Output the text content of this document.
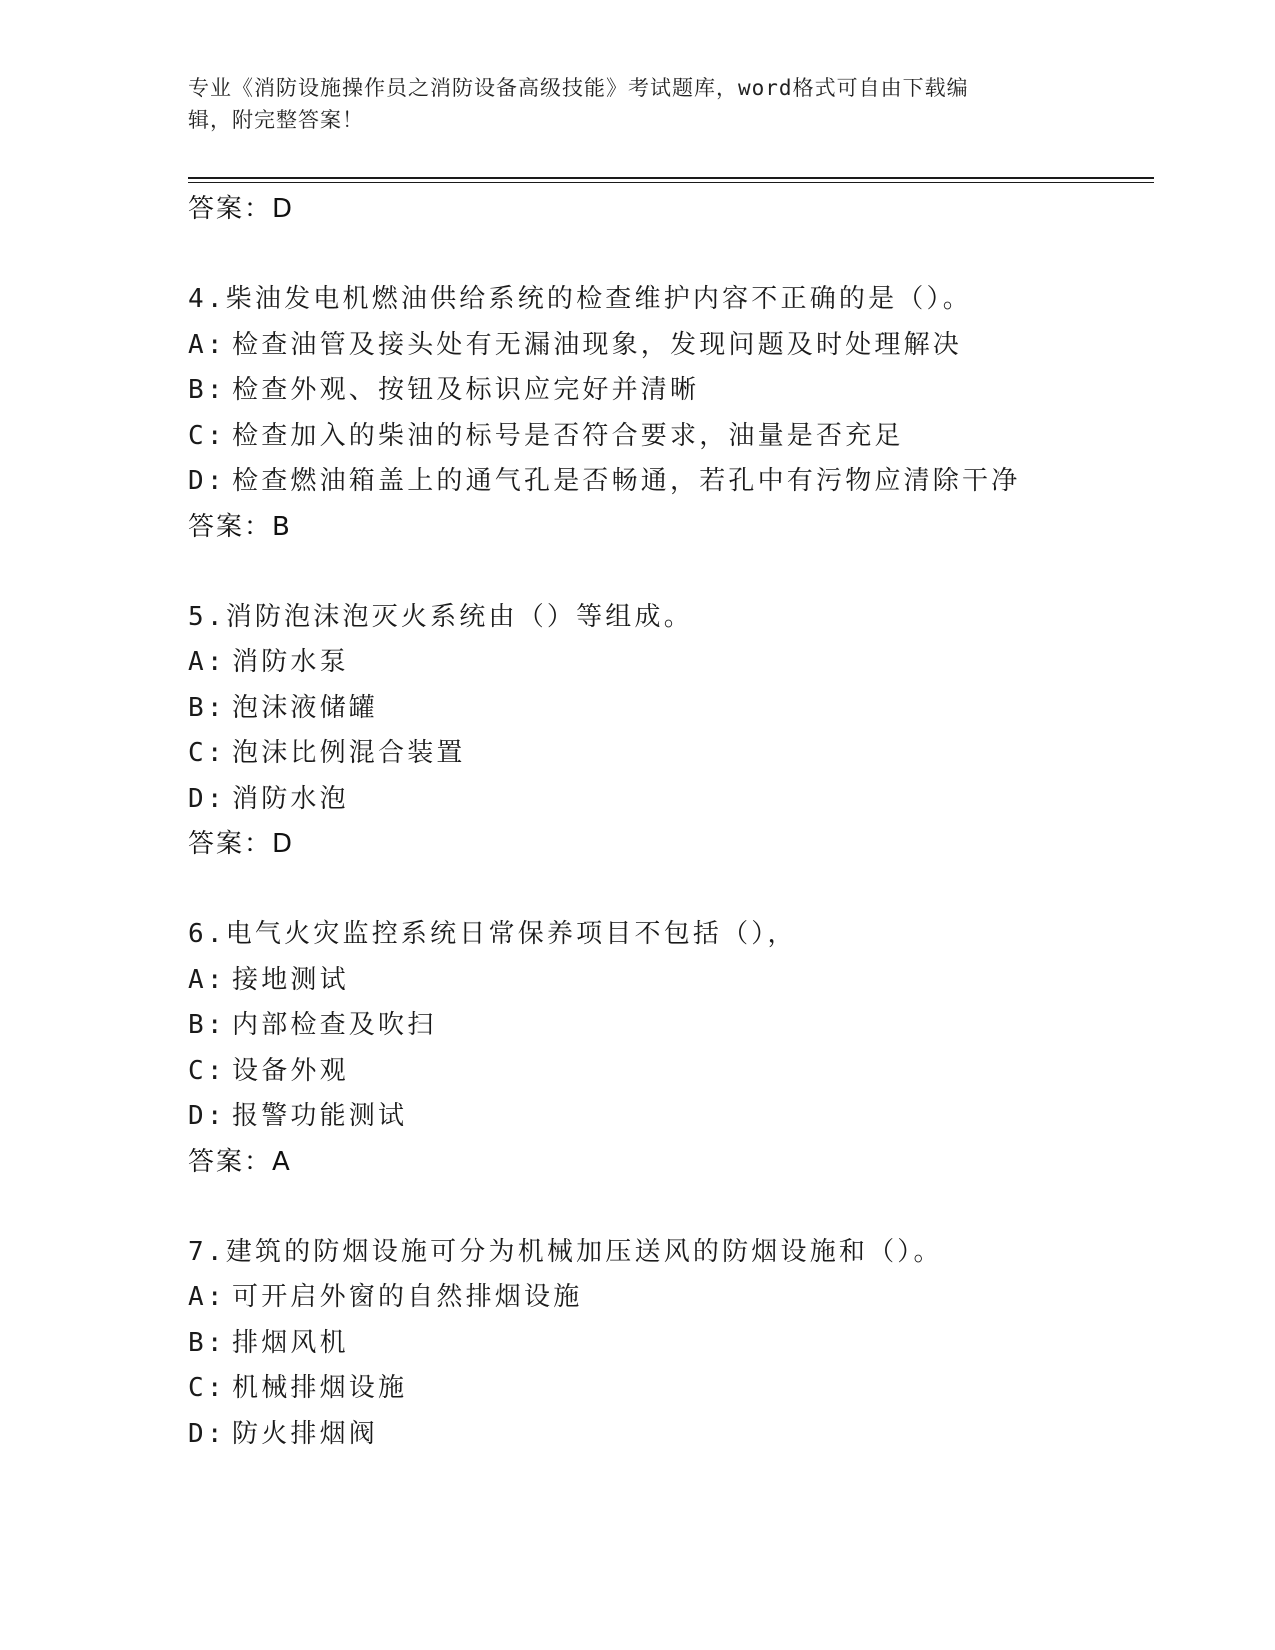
专业《消防设施操作员之消防设备高级技能》考试题库，word格式可自由下载编
辑，附完整答案！
答案：D
4.柴油发电机燃油供给系统的检查维护内容不正确的是（）。
A: 检查油管及接头处有无漏油现象，发现问题及时处理解决
B: 检查外观、按钮及标识应完好并清晰
C: 检查加入的柴油的标号是否符合要求，油量是否充足
D: 检查燃油箱盖上的通气孔是否畅通，若孔中有污物应清除干净
答案：B
5.消防泡沫泡灭火系统由（）等组成。
A: 消防水泵
B: 泡沫液储罐
C: 泡沫比例混合装置
D: 消防水泡
答案：D
6.电气火灾监控系统日常保养项目不包括（），
A: 接地测试
B: 内部检查及吹扫
C: 设备外观
D: 报警功能测试
答案：A
7.建筑的防烟设施可分为机械加压送风的防烟设施和（）。
A: 可开启外窗的自然排烟设施
B: 排烟风机
C: 机械排烟设施
D: 防火排烟阀
